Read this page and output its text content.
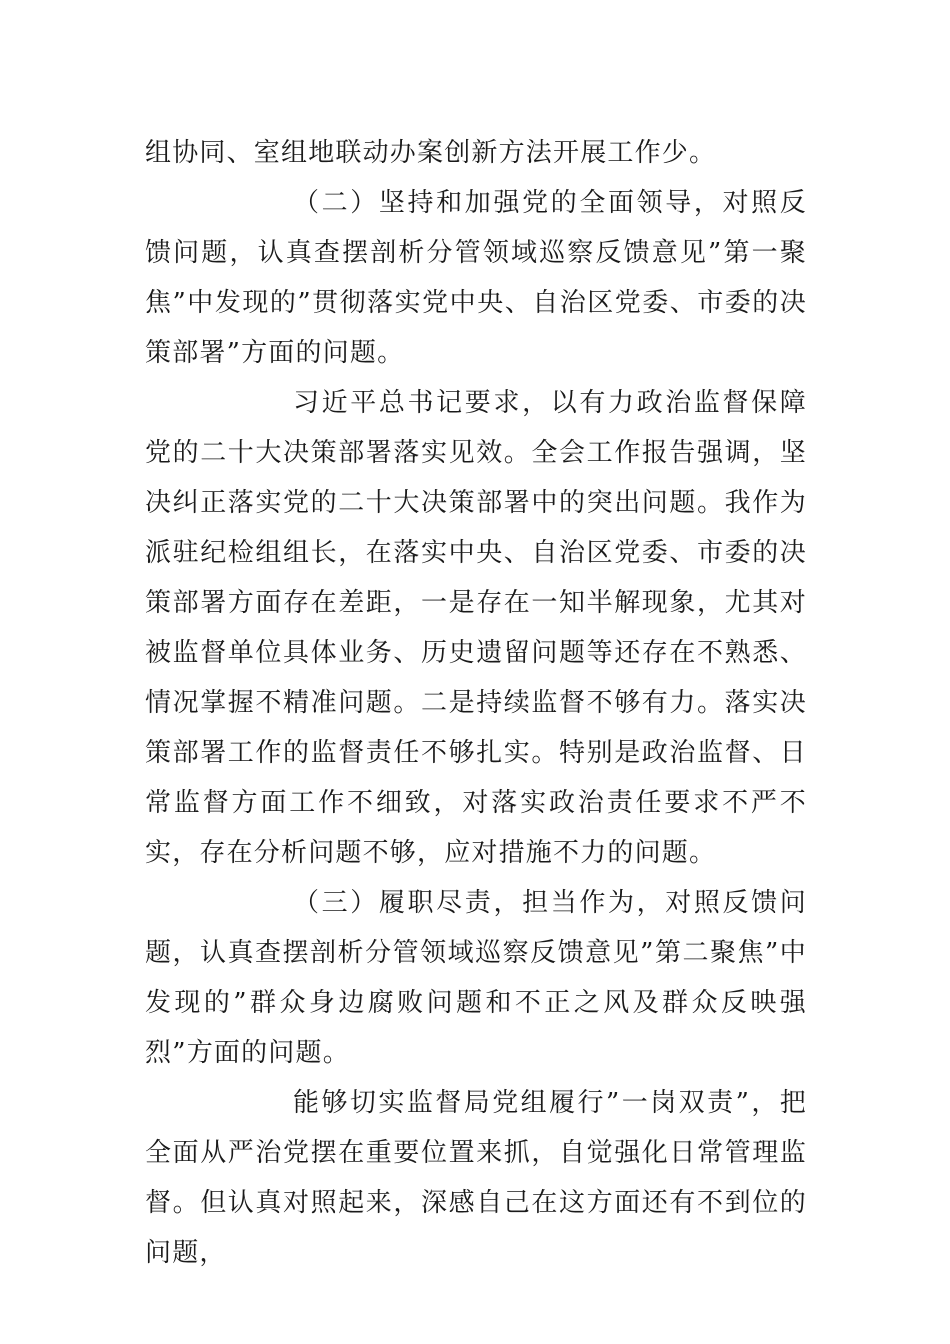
组协同、室组地联动办案创新方法开展工作少。

（二）坚持和加强党的全面领导，对照反馈问题，认真查摆剖析分管领域巡察反馈意见”第一聚焦”中发现的”贯彻落实党中央、自治区党委、市委的决策部署”方面的问题。

习近平总书记要求，以有力政治监督保障党的二十大决策部署落实见效。全会工作报告强调，坚决纠正落实党的二十大决策部署中的突出问题。我作为派驻纪检组组长，在落实中央、自治区党委、市委的决策部署方面存在差距，一是存在一知半解现象，尤其对被监督单位具体业务、历史遗留问题等还存在不熟悉、情况掌握不精准问题。二是持续监督不够有力。落实决策部署工作的监督责任不够扎实。特别是政治监督、日常监督方面工作不细致，对落实政治责任要求不严不实，存在分析问题不够，应对措施不力的问题。

（三）履职尽责，担当作为，对照反馈问题，认真查摆剖析分管领域巡察反馈意见”第二聚焦”中发现的”群众身边腐败问题和不正之风及群众反映强烈”方面的问题。

能够切实监督局党组履行”一岗双责”，把全面从严治党摆在重要位置来抓，自觉强化日常管理监督。但认真对照起来，深感自己在这方面还有不到位的问题，
